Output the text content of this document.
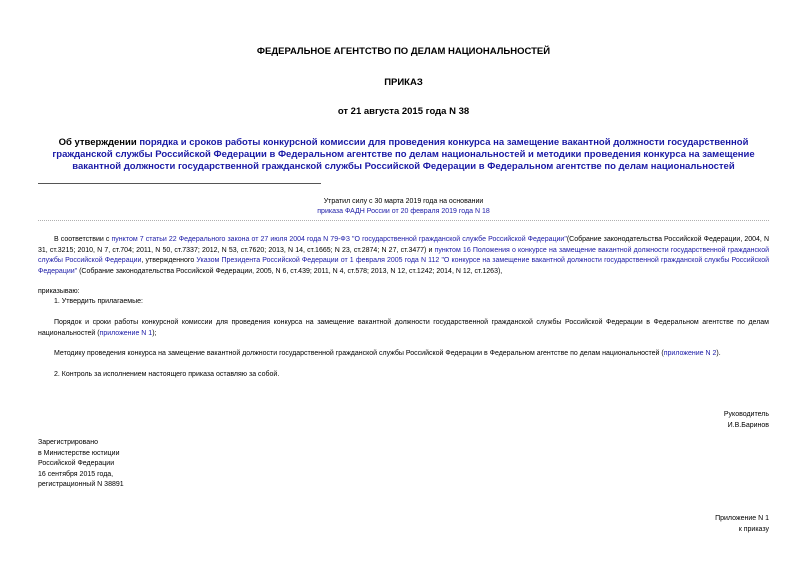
ФЕДЕРАЛЬНОЕ АГЕНТСТВО ПО ДЕЛАМ НАЦИОНАЛЬНОСТЕЙ
ПРИКАЗ
от 21 августа 2015 года N 38
Об утверждении порядка и сроков работы конкурсной комиссии для проведения конкурса на замещение вакантной должности государственной гражданской службы Российской Федерации в Федеральном агентстве по делам национальностей и методики проведения конкурса на замещение вакантной должности государственной гражданской службы Российской Федерации в Федеральном агентстве по делам национальностей
Утратил силу с 30 марта 2019 года на основании
приказа ФАДН России от 20 февраля 2019 года N 18
В соответствии с пунктом 7 статьи 22 Федерального закона от 27 июля 2004 года N 79-ФЗ "О государственной гражданской службе Российской Федерации"(Собрание законодательства Российской Федерации, 2004, N 31, ст.3215; 2010, N 7, ст.704; 2011, N 50, ст.7337; 2012, N 53, ст.7620; 2013, N 14, ст.1665; N 23, ст.2874; N 27, ст.3477) и пунктом 16 Положения о конкурсе на замещение вакантной должности государственной гражданской службы Российской Федерации, утвержденного Указом Президента Российской Федерации от 1 февраля 2005 года N 112 "О конкурсе на замещение вакантной должности государственной гражданской службы Российской Федерации" (Собрание законодательства Российской Федерации, 2005, N 6, ст.439; 2011, N 4, ст.578; 2013, N 12, ст.1242; 2014, N 12, ст.1263),
приказываю:
1. Утвердить прилагаемые:
Порядок и сроки работы конкурсной комиссии для проведения конкурса на замещение вакантной должности государственной гражданской службы Российской Федерации в Федеральном агентстве по делам национальностей (приложение N 1);
Методику проведения конкурса на замещение вакантной должности государственной гражданской службы Российской Федерации в Федеральном агентстве по делам национальностей (приложение N 2).
2. Контроль за исполнением настоящего приказа оставляю за собой.
Руководитель
И.В.Баринов
Зарегистрировано
в Министерстве юстиции
Российской Федерации
16 сентября 2015 года,
регистрационный N 38891
Приложение N 1
к приказу
